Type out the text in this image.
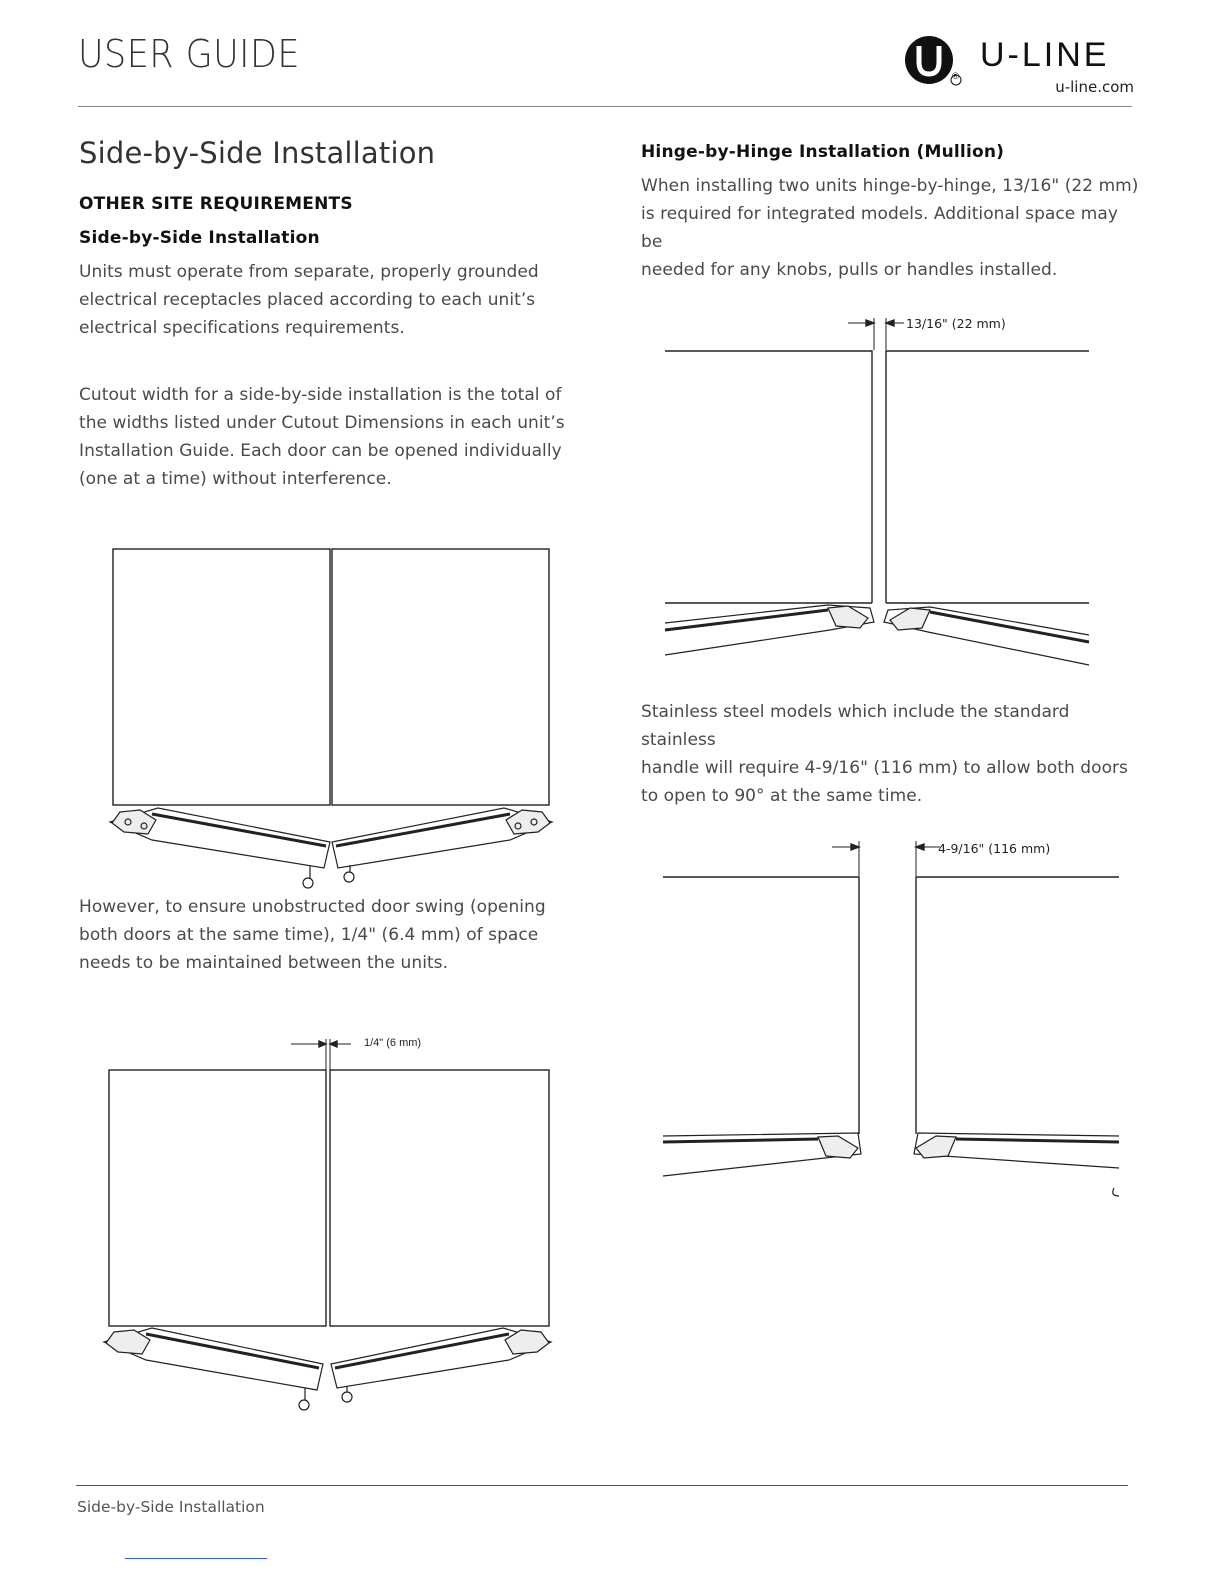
USER GUIDE
®
U-LINE
u-line.com
Side-by-Side Installation
OTHER SITE REQUIREMENTS
Side-by-Side Installation
Units must operate from separate, properly grounded
electrical receptacles placed according to each unit’s
electrical specifications requirements.
Cutout width for a side-by-side installation is the total of
the widths listed under Cutout Dimensions in each unit’s
Installation Guide. Each door can be opened individually
(one at a time) without interference.
However, to ensure unobstructed door swing (opening
both doors at the same time), 1/4" (6.4 mm) of space
needs to be maintained between the units.
1/4" (6 mm)
Hinge-by-Hinge Installation (Mullion)
When installing two units hinge-by-hinge, 13/16" (22 mm)
is required for integrated models. Additional space may be
needed for any knobs, pulls or handles installed.
13/16" (22 mm)
Stainless steel models which include the standard stainless
handle will require 4-9/16" (116 mm) to allow both doors
to open to 90° at the same time.
4-9/16" (116 mm)
Side-by-Side Installation
